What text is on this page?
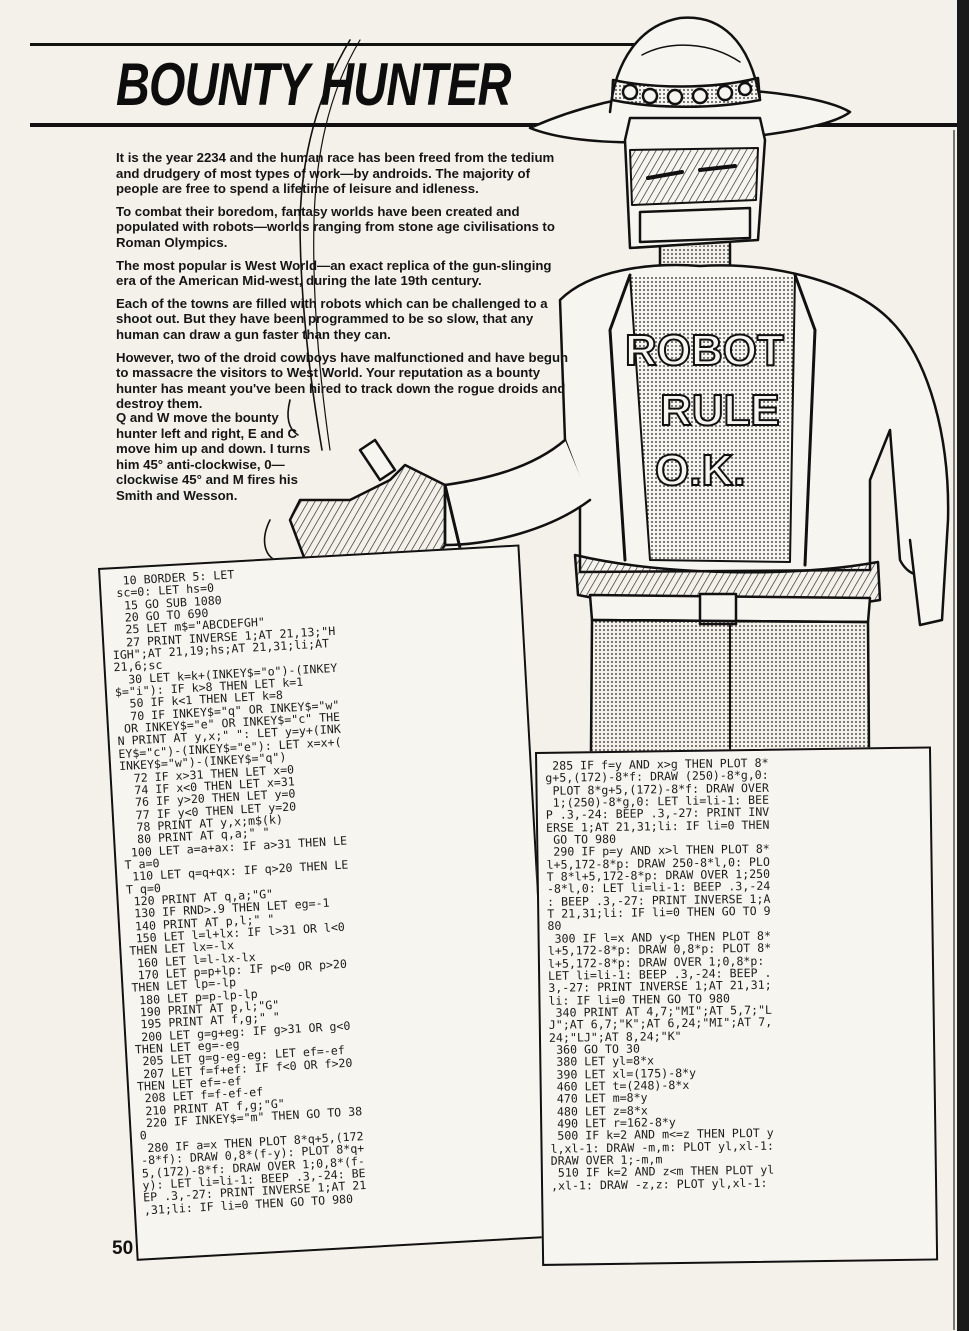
BOUNTY HUNTER
ROBOT
RULE
O.K.

It is the year 2234 and the human race has been freed from the tedium and drudgery of most types of work—by androids. The majority of people are free to spend a lifetime of leisure and idleness.

To combat their boredom, fantasy worlds have been created and populated with robots—worlds ranging from stone age civilisations to Roman Olympics.

The most popular is West World—an exact replica of the gun-slinging era of the American Mid-west, during the late 19th century.

Each of the towns are filled with robots which can be challenged to a shoot out. But they have been programmed to be so slow, that any human can draw a gun faster than they can.

However, two of the droid cowboys have malfunctioned and have begun to massacre the visitors to West World. Your reputation as a bounty hunter has meant you've been hired to track down the rogue droids and destroy them.

Q and W move the bounty hunter left and right, E and C move him up and down. I turns him 45° anti-clockwise, 0—clockwise 45° and M fires his Smith and Wesson.

10 BORDER 5: LET
sc=0: LET hs=0
15 GO SUB 1080
20 GO TO 690
25 LET m$="ABCDEFGH"
27 PRINT INVERSE 1;AT 21,13;"H
IGH";AT 21,19;hs;AT 21,31;li;AT
21,6;sc
30 LET k=k+(INKEY$="o")-(INKEY
$="i"): IF k>8 THEN LET k=1
50 IF k<1 THEN LET k=8
70 IF INKEY$="q" OR INKEY$="w"
OR INKEY$="e" OR INKEY$="c" THE
N PRINT AT y,x;" ": LET y=y+(INK
EY$="c")-(INKEY$="e"): LET x=x+(
INKEY$="w")-(INKEY$="q")
72 IF x>31 THEN LET x=0
74 IF x<0 THEN LET x=31
76 IF y>20 THEN LET y=0
77 IF y<0 THEN LET y=20
78 PRINT AT y,x;m$(k)
80 PRINT AT q,a;" "
100 LET a=a+ax: IF a>31 THEN LE
T a=0
110 LET q=q+qx: IF q>20 THEN LE
T q=0
120 PRINT AT q,a;"G"
130 IF RND>.9 THEN LET eg=-1
140 PRINT AT p,l;" "
150 LET l=l+lx: IF l>31 OR l<0
THEN LET lx=-lx
160 LET l=l-lx-lx
170 LET p=p+lp: IF p<0 OR p>20
THEN LET lp=-lp
180 LET p=p-lp-lp
190 PRINT AT p,l;"G"
195 PRINT AT f,g;" "
200 LET g=g+eg: IF g>31 OR g<0
THEN LET eg=-eg
205 LET g=g-eg-eg: LET ef=-ef
207 LET f=f+ef: IF f<0 OR f>20
THEN LET ef=-ef
208 LET f=f-ef-ef
210 PRINT AT f,g;"G"
220 IF INKEY$="m" THEN GO TO 38
0
280 IF a=x THEN PLOT 8*q+5,(172
-8*f): DRAW 0,8*(f-y): PLOT 8*q+
5,(172)-8*f: DRAW OVER 1;0,8*(f-
y): LET li=li-1: BEEP .3,-24: BE
EP .3,-27: PRINT INVERSE 1;AT 21
,31;li: IF li=0 THEN GO TO 980
285 IF f=y AND x>g THEN PLOT 8*
g+5,(172)-8*f: DRAW (250)-8*g,0:
PLOT 8*g+5,(172)-8*f: DRAW OVER
1;(250)-8*g,0: LET li=li-1: BEE
P .3,-24: BEEP .3,-27: PRINT INV
ERSE 1;AT 21,31;li: IF li=0 THEN
GO TO 980
290 IF p=y AND x>l THEN PLOT 8*
l+5,172-8*p: DRAW 250-8*l,0: PLO
T 8*l+5,172-8*p: DRAW OVER 1;250
-8*l,0: LET li=li-1: BEEP .3,-24
: BEEP .3,-27: PRINT INVERSE 1;A
T 21,31;li: IF li=0 THEN GO TO 9
80
300 IF l=x AND y<p THEN PLOT 8*
l+5,172-8*p: DRAW 0,8*p: PLOT 8*
l+5,172-8*p: DRAW OVER 1;0,8*p:
LET li=li-1: BEEP .3,-24: BEEP .
3,-27: PRINT INVERSE 1;AT 21,31;
li: IF li=0 THEN GO TO 980
340 PRINT AT 4,7;"MI";AT 5,7;"L
J";AT 6,7;"K";AT 6,24;"MI";AT 7,
24;"LJ";AT 8,24;"K"
360 GO TO 30
380 LET yl=8*x
390 LET xl=(175)-8*y
460 LET t=(248)-8*x
470 LET m=8*y
480 LET z=8*x
490 LET r=162-8*y
500 IF k=2 AND m<=z THEN PLOT y
l,xl-1: DRAW -m,m: PLOT yl,xl-1:
DRAW OVER 1;-m,m
510 IF k=2 AND z<m THEN PLOT yl
,xl-1: DRAW -z,z: PLOT yl,xl-1:
50
